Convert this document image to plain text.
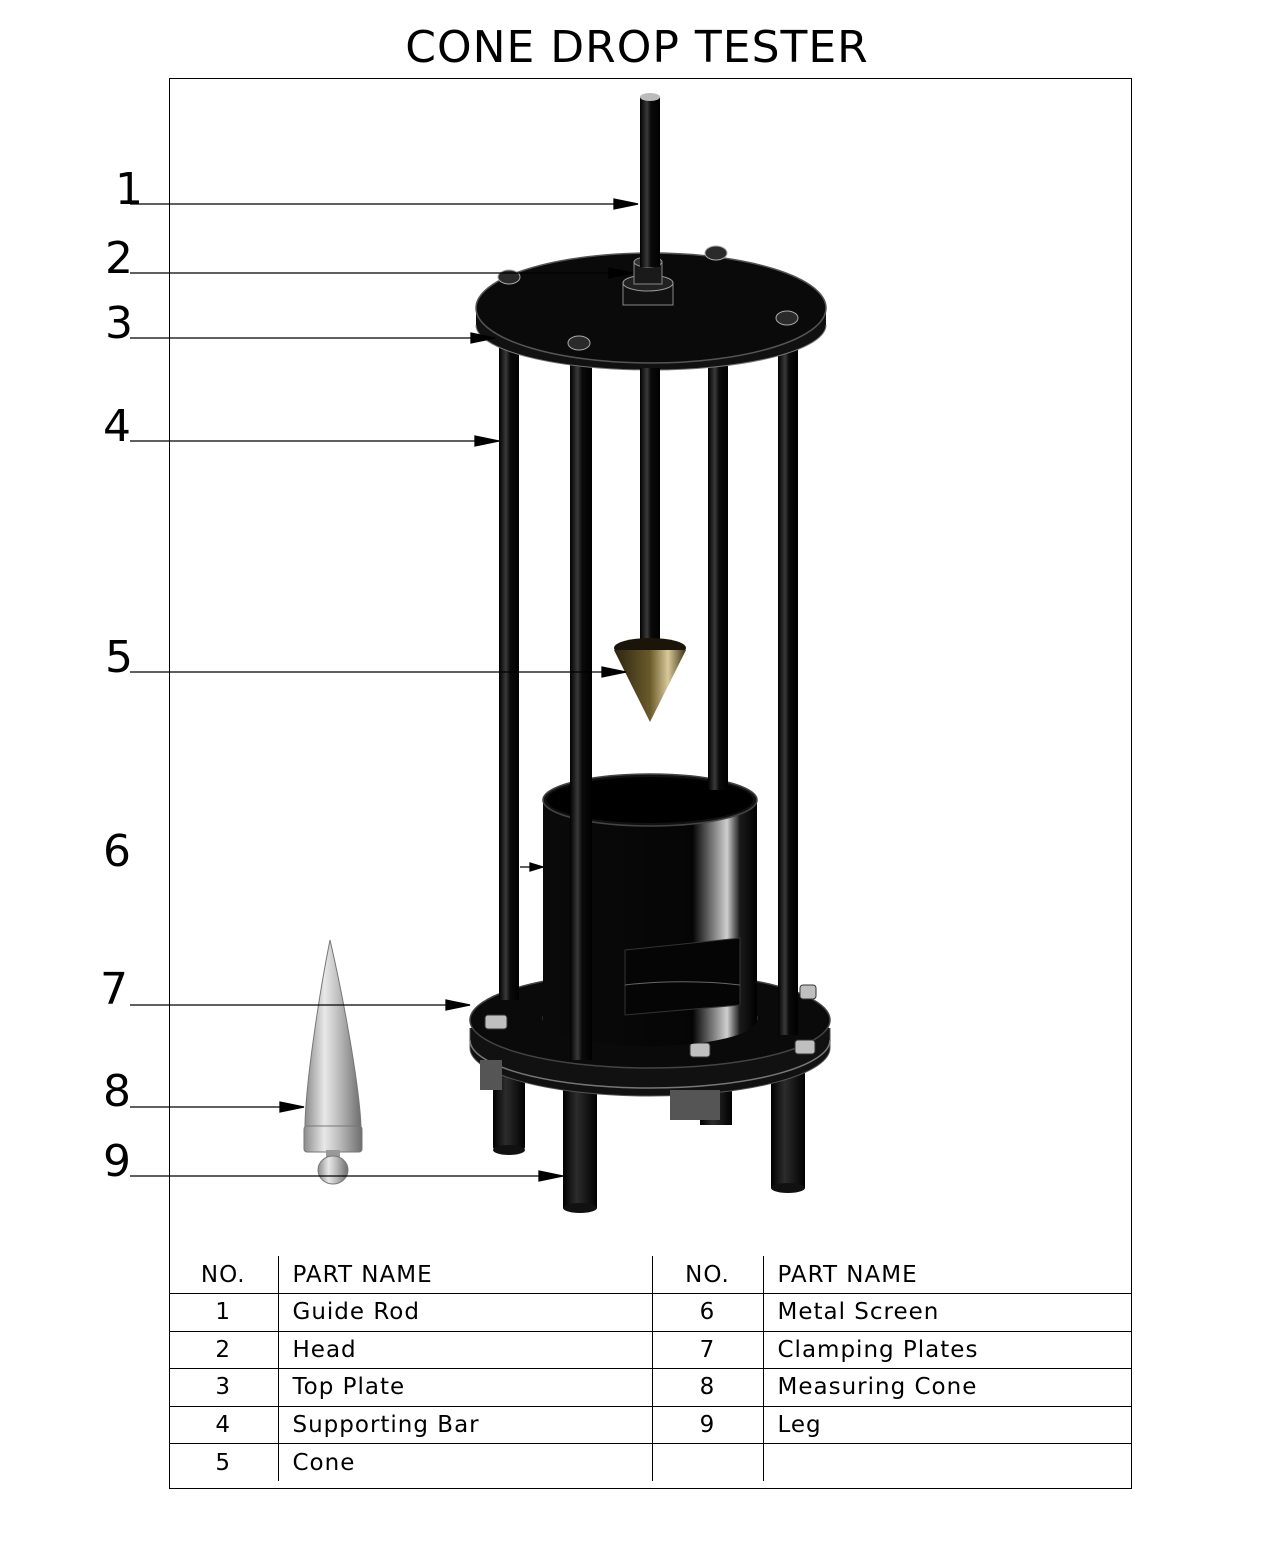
CONE DROP TESTER
1
2
3
4
5
6
7
8
9
NO.	PART NAME	NO.	PART NAME
1	Guide Rod	6	Metal Screen
2	Head	7	Clamping Plates
3	Top Plate	8	Measuring Cone
4	Supporting Bar	9	Leg
5	Cone		
